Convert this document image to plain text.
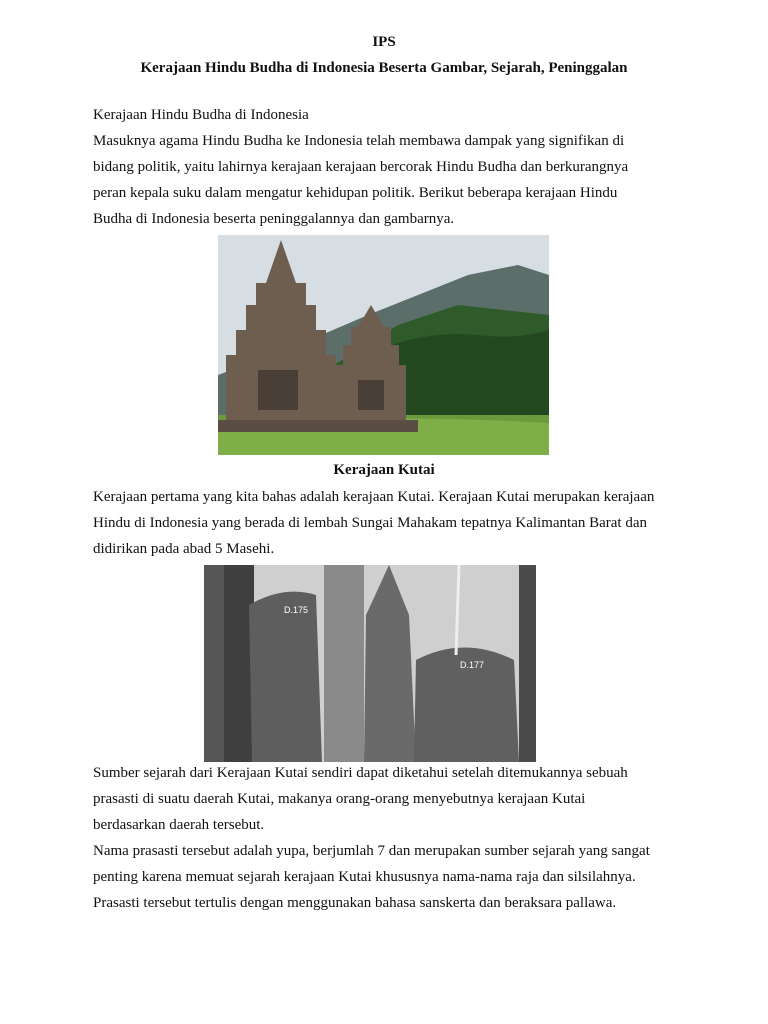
IPS
Kerajaan Hindu Budha di Indonesia Beserta Gambar, Sejarah, Peninggalan
Kerajaan Hindu Budha di Indonesia
Masuknya agama Hindu Budha ke Indonesia telah membawa dampak yang signifikan di
bidang politik, yaitu lahirnya kerajaan kerajaan bercorak Hindu Budha dan berkurangnya
peran kepala suku dalam mengatur kehidupan politik. Berikut beberapa kerajaan Hindu
Budha di Indonesia beserta peninggalannya dan gambarnya.
Kerajaan Kutai
Kerajaan pertama yang kita bahas adalah kerajaan Kutai. Kerajaan Kutai merupakan kerajaan
Hindu di Indonesia yang berada di lembah Sungai Mahakam tepatnya Kalimantan Barat dan
didirikan pada abad 5 Masehi.
D.175
D.177
Sumber sejarah dari Kerajaan Kutai sendiri dapat diketahui setelah ditemukannya sebuah
prasasti di suatu daerah Kutai, makanya orang-orang menyebutnya kerajaan Kutai
berdasarkan daerah tersebut.
Nama prasasti tersebut adalah yupa, berjumlah 7 dan merupakan sumber sejarah yang sangat
penting karena memuat sejarah kerajaan Kutai khususnya nama-nama raja dan silsilahnya.
Prasasti tersebut tertulis dengan menggunakan bahasa sanskerta dan beraksara pallawa.
